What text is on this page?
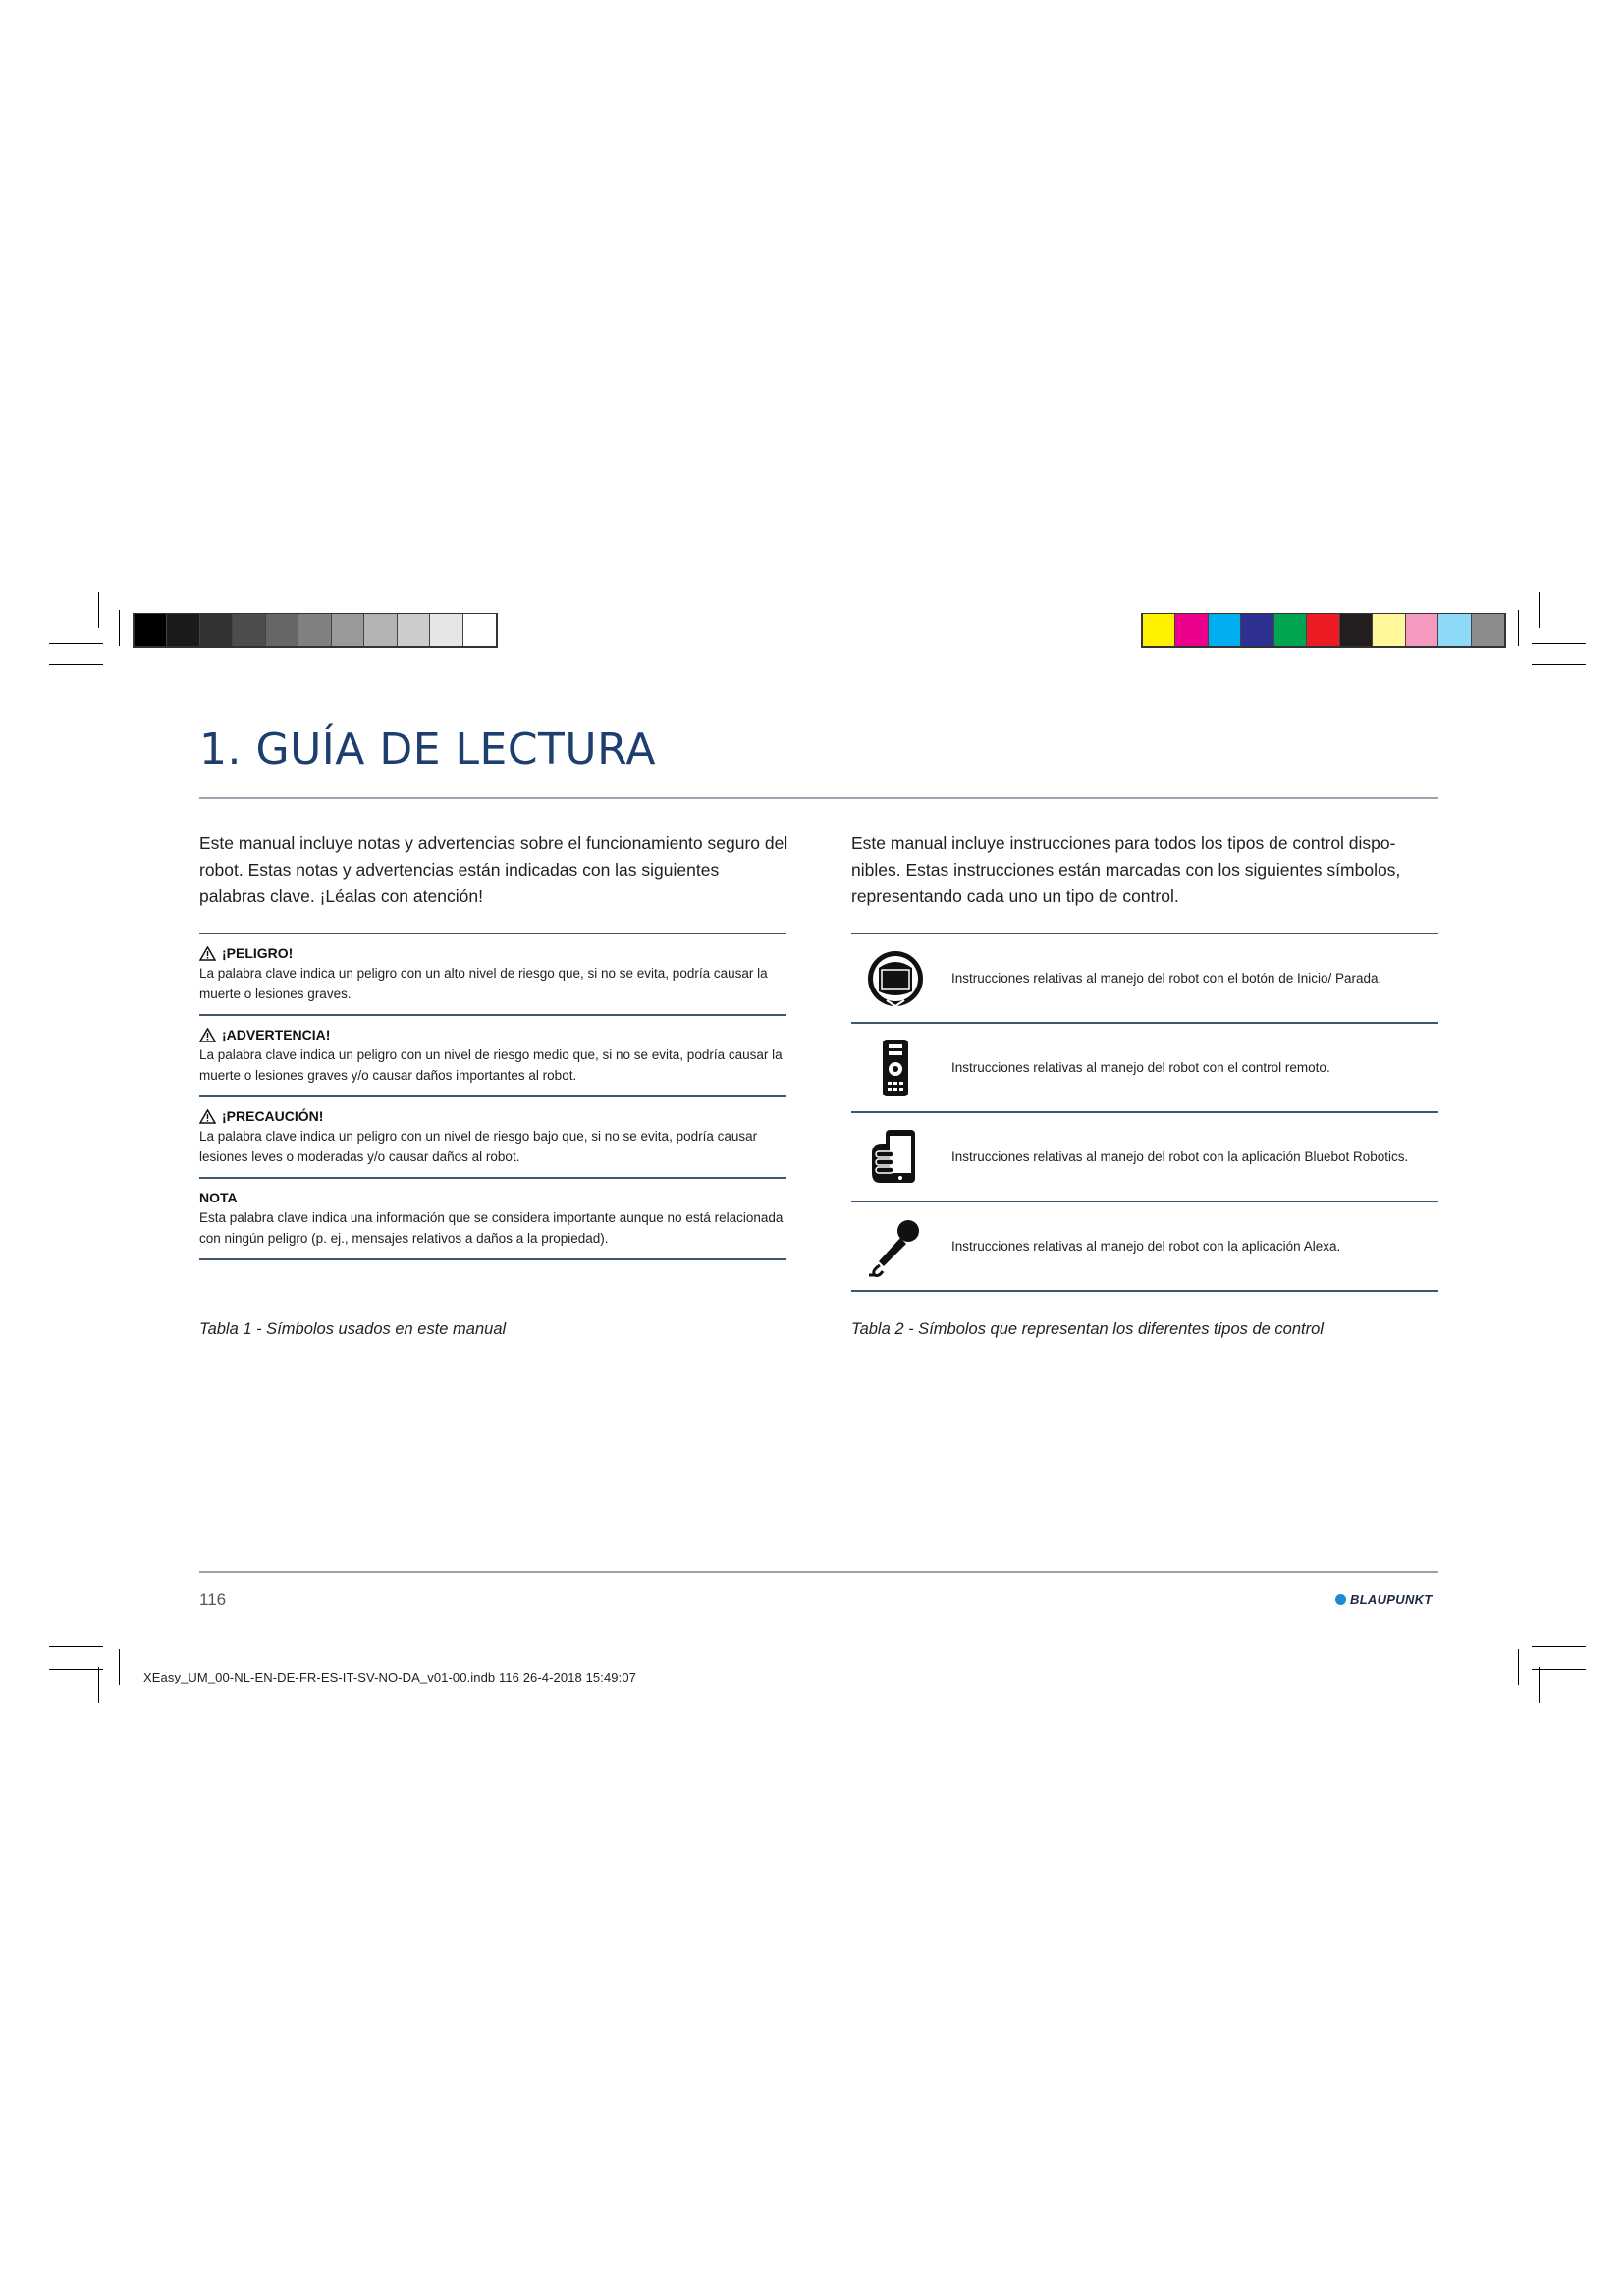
1. GUÍA DE LECTURA
Este manual incluye notas y advertencias sobre el funcionamiento seguro del robot. Estas notas y advertencias están indicadas con las siguientes palabras clave. ¡Léalas con atención!
Este manual incluye instrucciones para todos los tipos de control dispo-nibles. Estas instrucciones están marcadas con los siguientes símbolos, representando cada uno un tipo de control.
¡PELIGRO!
La palabra clave indica un peligro con un alto nivel de riesgo que, si no se evita, podría causar la muerte o lesiones graves.
¡ADVERTENCIA!
La palabra clave indica un peligro con un nivel de riesgo medio que, si no se evita, podría causar la muerte o lesiones graves y/o causar daños importantes al robot.
¡PRECAUCIÓN!
La palabra clave indica un peligro con un nivel de riesgo bajo que, si no se evita, podría causar lesiones leves o moderadas y/o causar daños al robot.
NOTA
Esta palabra clave indica una información que se considera importante aunque no está relacionada con ningún peligro (p. ej., mensajes relativos a daños a la propiedad).
Instrucciones relativas al manejo del robot con el botón de Inicio/ Parada.
Instrucciones relativas al manejo del robot con el control remoto.
Instrucciones relativas al manejo del robot con la aplicación Bluebot Robotics.
Instrucciones relativas al manejo del robot con la aplicación Alexa.
Tabla 1 - Símbolos usados en este manual	Tabla 2 - Símbolos que representan los diferentes tipos de control
116	BLAUPUNKT
XEasy_UM_00-NL-EN-DE-FR-ES-IT-SV-NO-DA_v01-00.indb 116 26-4-2018 15:49:07
